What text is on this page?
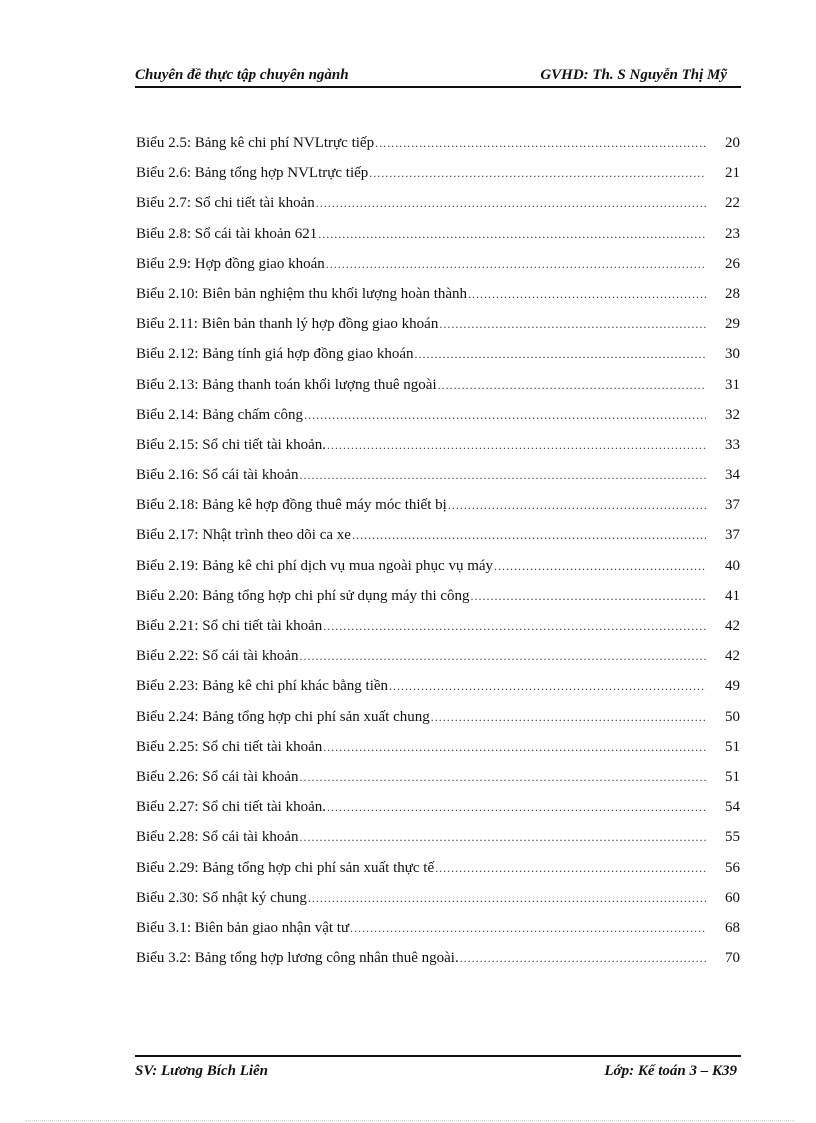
Chuyên đề thực tập chuyên ngành	GVHD: Th. S Nguyễn Thị Mỹ
Biểu 2.5: Bảng kê chi phí NVLtrực tiếp .....	20
Biểu 2.6: Bảng tổng hợp NVLtrực tiếp .....	21
Biểu 2.7: Sổ chi tiết tài khoản .....	22
Biểu 2.8: Sổ cái tài khoản 621 .....	23
Biểu 2.9: Hợp đồng giao khoán .....	26
Biểu 2.10: Biên bản nghiệm thu khối lượng hoàn thành .....	28
Biểu 2.11: Biên bản thanh lý hợp đồng giao khoán .....	29
Biểu 2.12: Bảng tính giá hợp đồng giao khoán .....	30
Biểu 2.13: Bảng thanh toán khối lượng thuê ngoài .....	31
Biểu 2.14: Bảng chấm công .....	32
Biểu 2.15: Sổ chi tiết tài khoản. .....	33
Biểu 2.16: Sổ cái tài khoản .....	34
Biểu 2.18: Bảng kê hợp đồng thuê máy móc thiết bị .....	37
Biểu 2.17: Nhật trình theo dõi ca xe .....	37
Biểu 2.19: Bảng kê chi phí dịch vụ mua ngoài phục vụ máy .....	40
Biểu 2.20: Bảng tổng hợp chi phí sử dụng máy thi công .....	41
Biểu 2.21: Sổ chi tiết tài khoản .....	42
Biểu 2.22: Sổ cái tài khoản .....	42
Biểu 2.23: Bảng kê chi phí khác bằng tiền .....	49
Biểu 2.24: Bảng tổng hợp chi phí sản xuất chung .....	50
Biểu 2.25: Sổ chi tiết tài khoản .....	51
Biểu 2.26: Sổ cái tài khoản .....	51
Biểu 2.27: Sổ chi tiết tài khoản. .....	54
Biểu 2.28: Sổ cái tài khoản .....	55
Biểu 2.29: Bảng tổng hợp chi phí sản xuất thực tế .....	56
Biểu 2.30: Sổ nhật ký chung .....	60
Biểu 3.1: Biên bản giao nhận vật tư .....	68
Biểu 3.2: Bảng tổng hợp lương công nhân thuê ngoài. .....	70
SV: Lương Bích Liên	Lớp: Kế toán 3 – K39
